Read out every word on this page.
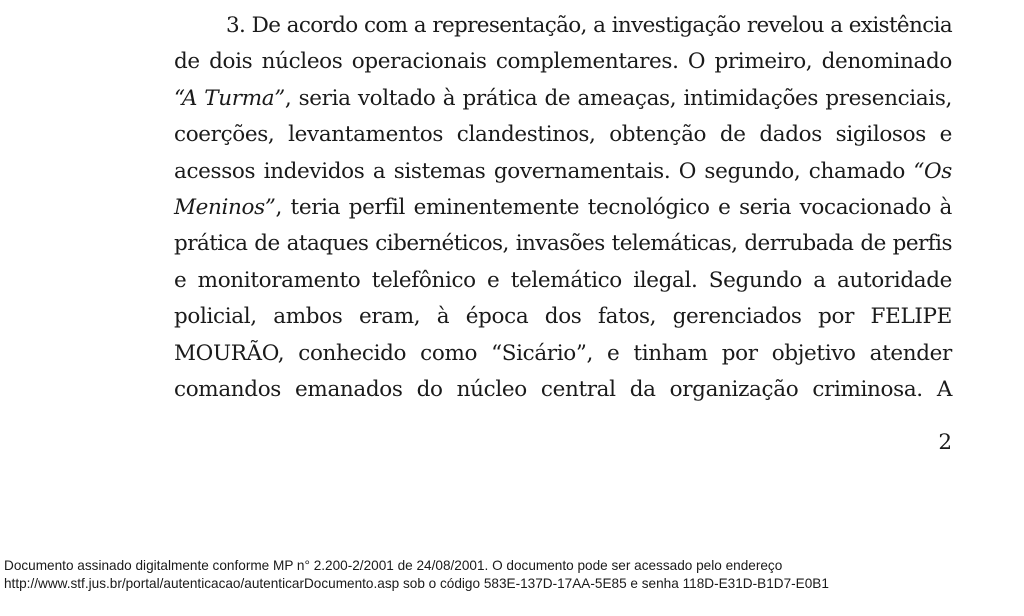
3. De acordo com a representação, a investigação revelou a existência
de dois núcleos operacionais complementares. O primeiro, denominado
“A Turma”, seria voltado à prática de ameaças, intimidações presenciais,
coerções, levantamentos clandestinos, obtenção de dados sigilosos e
acessos indevidos a sistemas governamentais. O segundo, chamado “Os
Meninos”, teria perfil eminentemente tecnológico e seria vocacionado à
prática de ataques cibernéticos, invasões telemáticas, derrubada de perfis
e monitoramento telefônico e telemático ilegal. Segundo a autoridade
policial, ambos eram, à época dos fatos, gerenciados por FELIPE
MOURÃO, conhecido como “Sicário”, e tinham por objetivo atender
comandos emanados do núcleo central da organização criminosa. A
2
Documento assinado digitalmente conforme MP n° 2.200-2/2001 de 24/08/2001. O documento pode ser acessado pelo endereço
http://www.stf.jus.br/portal/autenticacao/autenticarDocumento.asp sob o código 583E-137D-17AA-5E85 e senha 118D-E31D-B1D7-E0B1
